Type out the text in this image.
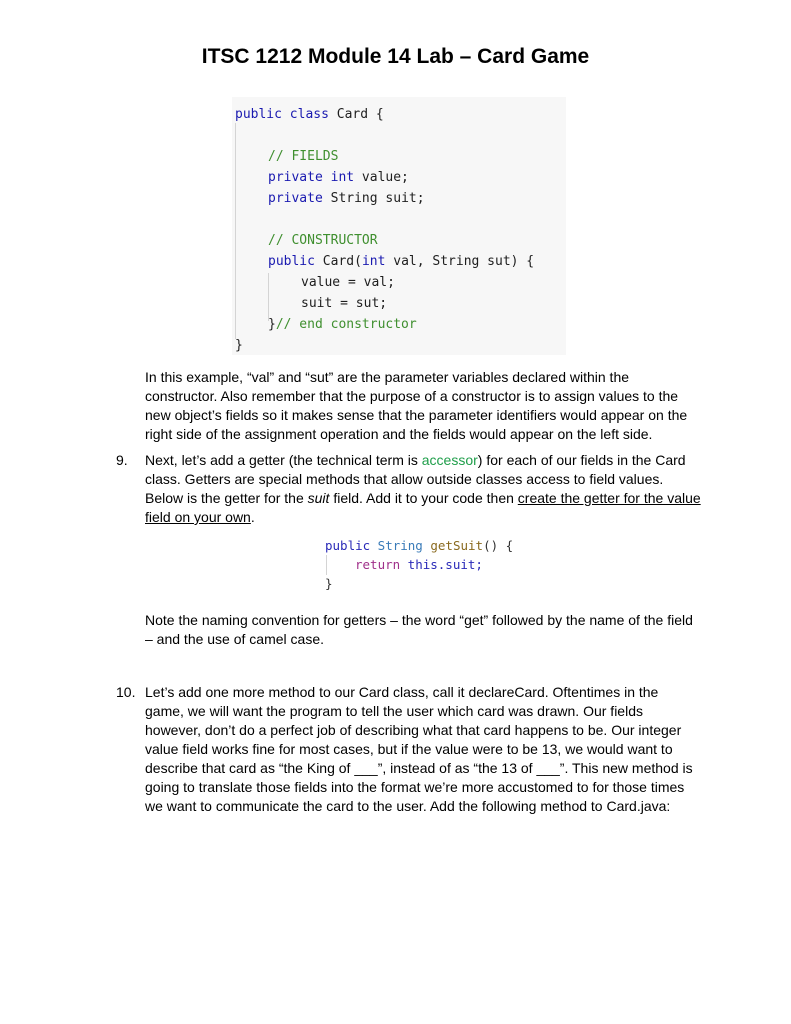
ITSC 1212 Module 14 Lab – Card Game
public class Card {
// FIELDS
private int value;
private String suit;
// CONSTRUCTOR
public Card(int val, String sut) {
value = val;
suit = sut;
}// end constructor
}

In this example, “val” and “sut” are the parameter variables declared within the constructor. Also remember that the purpose of a constructor is to assign values to the new object’s fields so it makes sense that the parameter identifiers would appear on the right side of the assignment operation and the fields would appear on the left side.

9. Next, let’s add a getter (the technical term is accessor) for each of our fields in the Card class. Getters are special methods that allow outside classes access to field values. Below is the getter for the suit field. Add it to your code then create the getter for the value field on your own.

public String getSuit() {
return this.suit;
}

Note the naming convention for getters – the word “get” followed by the name of the field – and the use of camel case.

10. Let’s add one more method to our Card class, call it declareCard. Oftentimes in the game, we will want the program to tell the user which card was drawn. Our fields however, don’t do a perfect job of describing what that card happens to be. Our integer value field works fine for most cases, but if the value were to be 13, we would want to describe that card as “the King of ___”, instead of as “the 13 of ___”. This new method is going to translate those fields into the format we’re more accustomed to for those times we want to communicate the card to the user. Add the following method to Card.java:
